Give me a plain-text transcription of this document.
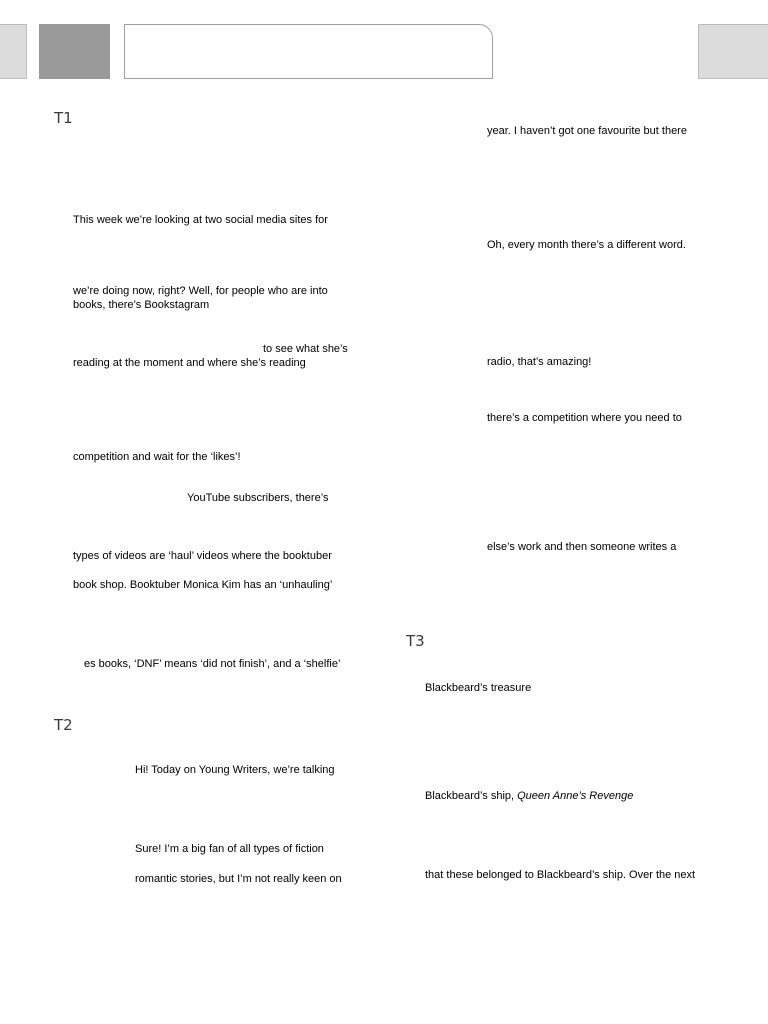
T1
This week we’re looking at two social media sites for
we’re doing now, right? Well, for people who are into
books, there’s Bookstagram
to see what she’s
reading at the moment and where she’s reading
competition and wait for the ‘likes’!
YouTube subscribers, there’s
types of videos are ‘haul’ videos where the booktuber
book shop. Booktuber Monica Kim has an ‘unhauling’
es books, ‘DNF’ means ‘did not finish’, and a ‘shelfie’
T2
Hi! Today on Young Writers, we’re talking
Sure! I’m a big fan of all types of fiction
romantic stories, but I’m not really keen on
year. I haven’t got one favourite but there
Oh, every month there’s a different word.
radio, that’s amazing!
there’s a competition where you need to
else’s work and then someone writes a
T3
Blackbeard’s treasure
Blackbeard’s ship, Queen Anne’s Revenge
that these belonged to Blackbeard’s ship. Over the next
